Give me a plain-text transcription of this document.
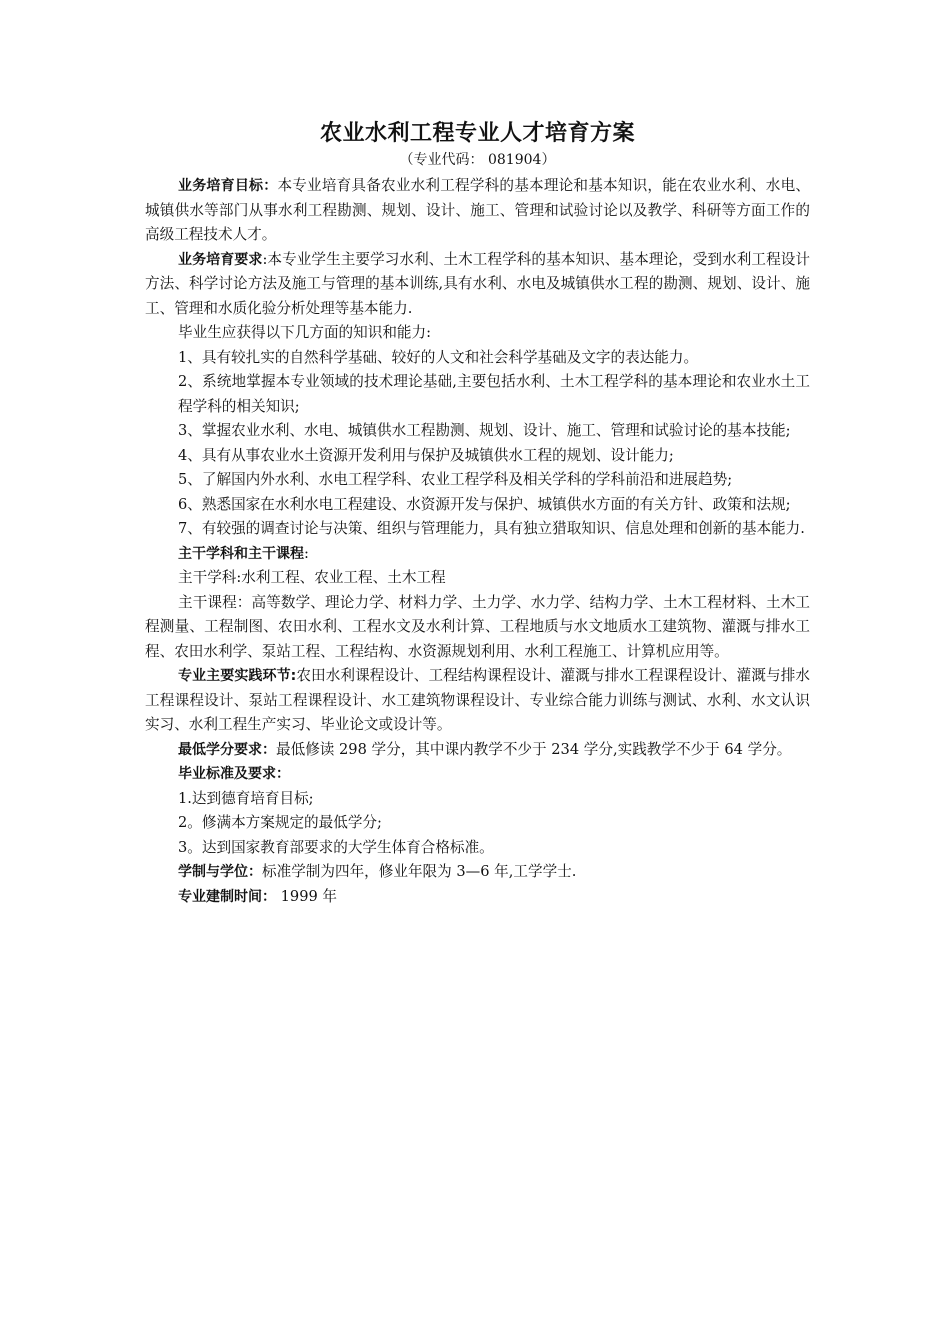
农业水利工程专业人才培育方案
（专业代码： 081904）

业务培育目标：本专业培育具备农业水利工程学科的基本理论和基本知识，能在农业水利、水电、城镇供水等部门从事水利工程勘测、规划、设计、施工、管理和试验讨论以及教学、科研等方面工作的高级工程技术人才。

业务培育要求:本专业学生主要学习水利、土木工程学科的基本知识、基本理论，受到水利工程设计方法、科学讨论方法及施工与管理的基本训练,具有水利、水电及城镇供水工程的勘测、规划、设计、施工、管理和水质化验分析处理等基本能力.

毕业生应获得以下几方面的知识和能力:

1、具有较扎实的自然科学基础、较好的人文和社会科学基础及文字的表达能力。

2、系统地掌握本专业领域的技术理论基础,主要包括水利、土木工程学科的基本理论和农业水土工程学科的相关知识;

3、掌握农业水利、水电、城镇供水工程勘测、规划、设计、施工、管理和试验讨论的基本技能;

4、具有从事农业水土资源开发利用与保护及城镇供水工程的规划、设计能力;

5、了解国内外水利、水电工程学科、农业工程学科及相关学科的学科前沿和进展趋势;

6、熟悉国家在水利水电工程建设、水资源开发与保护、城镇供水方面的有关方针、政策和法规;

7、有较强的调查讨论与决策、组织与管理能力，具有独立猎取知识、信息处理和创新的基本能力.

主干学科和主干课程:

主干学科:水利工程、农业工程、土木工程

主干课程：高等数学、理论力学、材料力学、土力学、水力学、结构力学、土木工程材料、土木工程测量、工程制图、农田水利、工程水文及水利计算、工程地质与水文地质水工建筑物、灌溉与排水工程、农田水利学、泵站工程、工程结构、水资源规划利用、水利工程施工、计算机应用等。

专业主要实践环节:农田水利课程设计、工程结构课程设计、灌溉与排水工程课程设计、灌溉与排水工程课程设计、泵站工程课程设计、水工建筑物课程设计、专业综合能力训练与测试、水利、水文认识实习、水利工程生产实习、毕业论文或设计等。

最低学分要求：最低修读 298 学分，其中课内教学不少于 234 学分,实践教学不少于 64 学分。

毕业标准及要求：

1.达到德育培育目标;

2。修满本方案规定的最低学分;

3。达到国家教育部要求的大学生体育合格标准。

学制与学位：标准学制为四年，修业年限为 3—6 年,工学学士.

专业建制时间： 1999 年
